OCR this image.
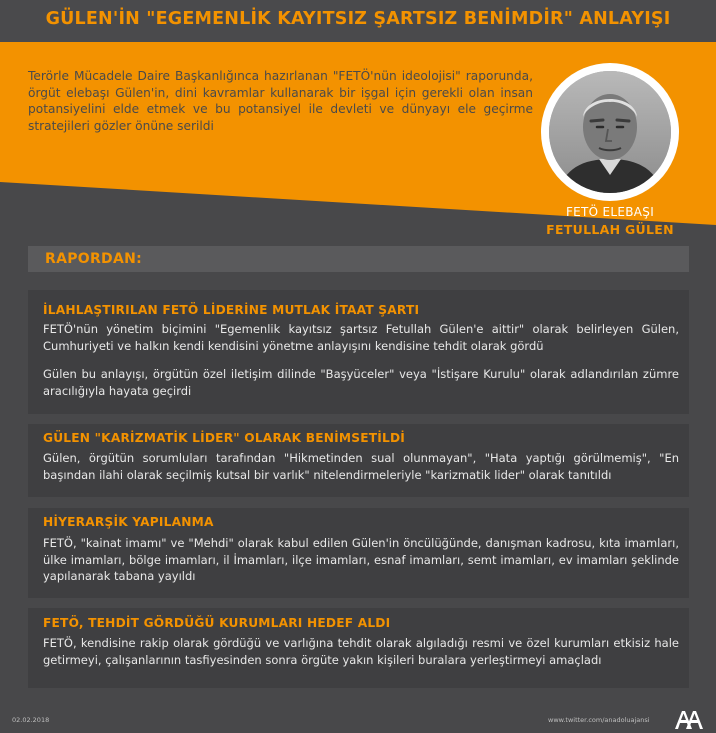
GÜLEN'İN "EGEMENLİK KAYITSIZ ŞARTSIZ BENİMDİR" ANLAYIŞI
Terörle Mücadele Daire Başkanlığınca hazırlanan "FETÖ'nün ideolojisi" raporunda, örgüt elebaşı Gülen'in, dini kavramlar kullanarak bir işgal için gerekli olan insan potansiyelini elde etmek ve bu potansiyel ile devleti ve dünyayı ele geçirme stratejileri gözler önüne serildi
FETÖ ELEBAŞI
FETULLAH GÜLEN
RAPORDAN:
İLAHLAŞTIRILAN FETÖ LİDERİNE MUTLAK İTAAT ŞARTI
FETÖ'nün yönetim biçimini "Egemenlik kayıtsız şartsız Fetullah Gülen'e aittir" olarak belirleyen Gülen, Cumhuriyeti ve halkın kendi kendisini yönetme anlayışını kendisine tehdit olarak gördü
Gülen bu anlayışı, örgütün özel iletişim dilinde "Başyüceler" veya "İstişare Kurulu" olarak adlandırılan zümre aracılığıyla hayata geçirdi
GÜLEN "KARİZMATİK LİDER" OLARAK BENİMSETİLDİ
Gülen, örgütün sorumluları tarafından "Hikmetinden sual olunmayan", "Hata yaptığı görülmemiş", "En başından ilahi olarak seçilmiş kutsal bir varlık" nitelendirmeleriyle "karizmatik lider" olarak tanıtıldı
HİYERARŞİK YAPILANMA
FETÖ, "kainat imamı" ve "Mehdi" olarak kabul edilen Gülen'in öncülüğünde, danışman kadrosu, kıta imamları, ülke imamları, bölge imamları, il İmamları, ilçe imamları, esnaf imamları, semt imamları, ev imamları şeklinde yapılanarak tabana yayıldı
FETÖ, TEHDİT GÖRDÜĞÜ KURUMLARI HEDEF ALDI
FETÖ, kendisine rakip olarak gördüğü ve varlığına tehdit olarak algıladığı resmi ve özel kurumları etkisiz hale getirmeyi, çalışanlarının tasfiyesinden sonra örgüte yakın kişileri buralara yerleştirmeyi amaçladı
02.02.2018	www.twitter.com/anadoluajansi
